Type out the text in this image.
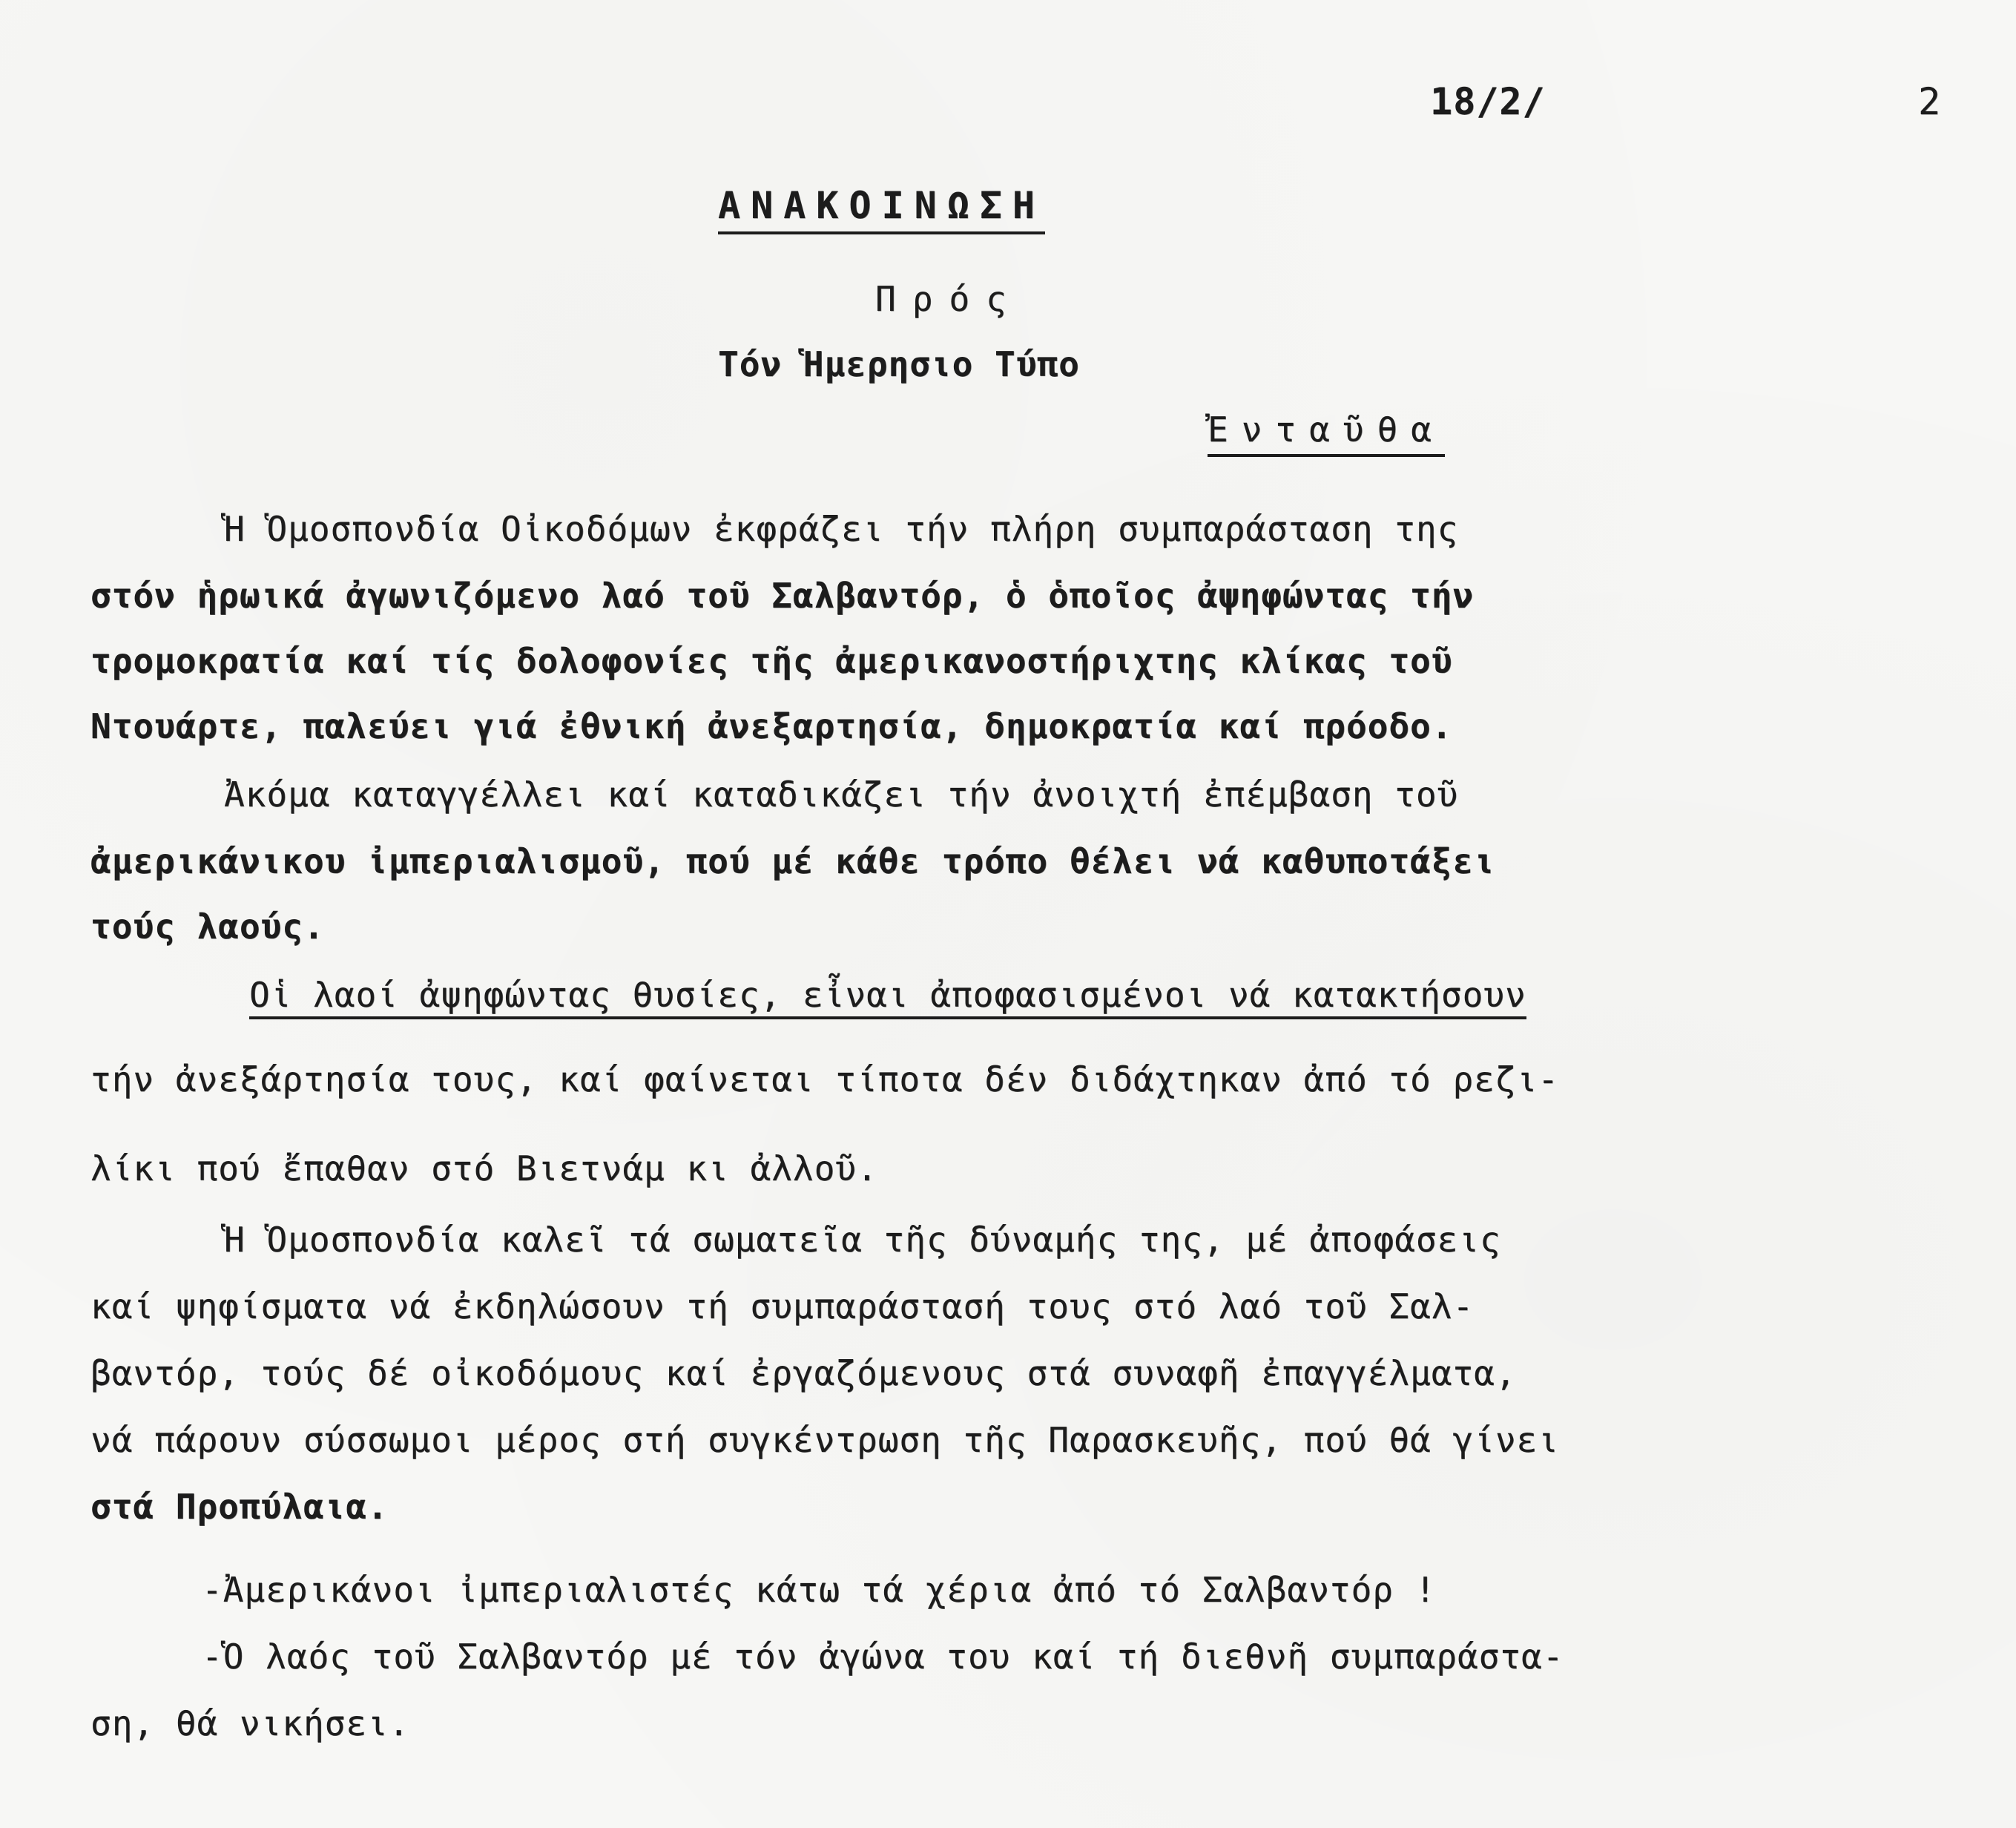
18/2/	2
ΑΝΑΚΟΙΝΩΣΗ
Πρός
Τόν Ἡμερησιο Τύπο
Ἐνταῦθα
Ἡ Ὁμοσπονδία Οἰκοδόμων ἐκφράζει τήν πλήρη συμπαράσταση της
στόν ἡρωικά ἀγωνιζόμενο λαό τοῦ Σαλβαντόρ, ὁ ὁποῖος ἀψηφώντας τήν
τρομοκρατία καί τίς δολοφονίες τῆς ἀμερικανοστήριχτης κλίκας τοῦ
Ντουάρτε, παλεύει γιά ἐθνική ἀνεξαρτησία, δημοκρατία καί πρόοδο.
Ἀκόμα καταγγέλλει καί καταδικάζει τήν ἀνοιχτή ἐπέμβαση τοῦ
ἀμερικάνικου ἰμπεριαλισμοῦ, πού μέ κάθε τρόπο θέλει νά καθυποτάξει
τούς λαούς.
Οἱ λαοί ἀψηφώντας θυσίες, εἶναι ἀποφασισμένοι νά κατακτήσουν
τήν ἀνεξάρτησία τους, καί φαίνεται τίποτα δέν διδάχτηκαν ἀπό τό ρεζι-
λίκι πού ἔπαθαν στό Βιετνάμ κι ἀλλοῦ.
Ἡ Ὁμοσπονδία καλεῖ τά σωματεῖα τῆς δύναμής της, μέ ἀποφάσεις
καί ψηφίσματα νά ἐκδηλώσουν τή συμπαράστασή τους στό λαό τοῦ Σαλ-
βαντόρ, τούς δέ οἰκοδόμους καί ἐργαζόμενους στά συναφῆ ἐπαγγέλματα,
νά πάρουν σύσσωμοι μέρος στή συγκέντρωση τῆς Παρασκευῆς, πού θά γίνει
στά Προπύλαια.
-Ἀμερικάνοι ἰμπεριαλιστές κάτω τά χέρια ἀπό τό Σαλβαντόρ !
-Ὁ λαός τοῦ Σαλβαντόρ μέ τόν ἀγώνα του καί τή διεθνῆ συμπαράστα-
ση, θά νικήσει.
